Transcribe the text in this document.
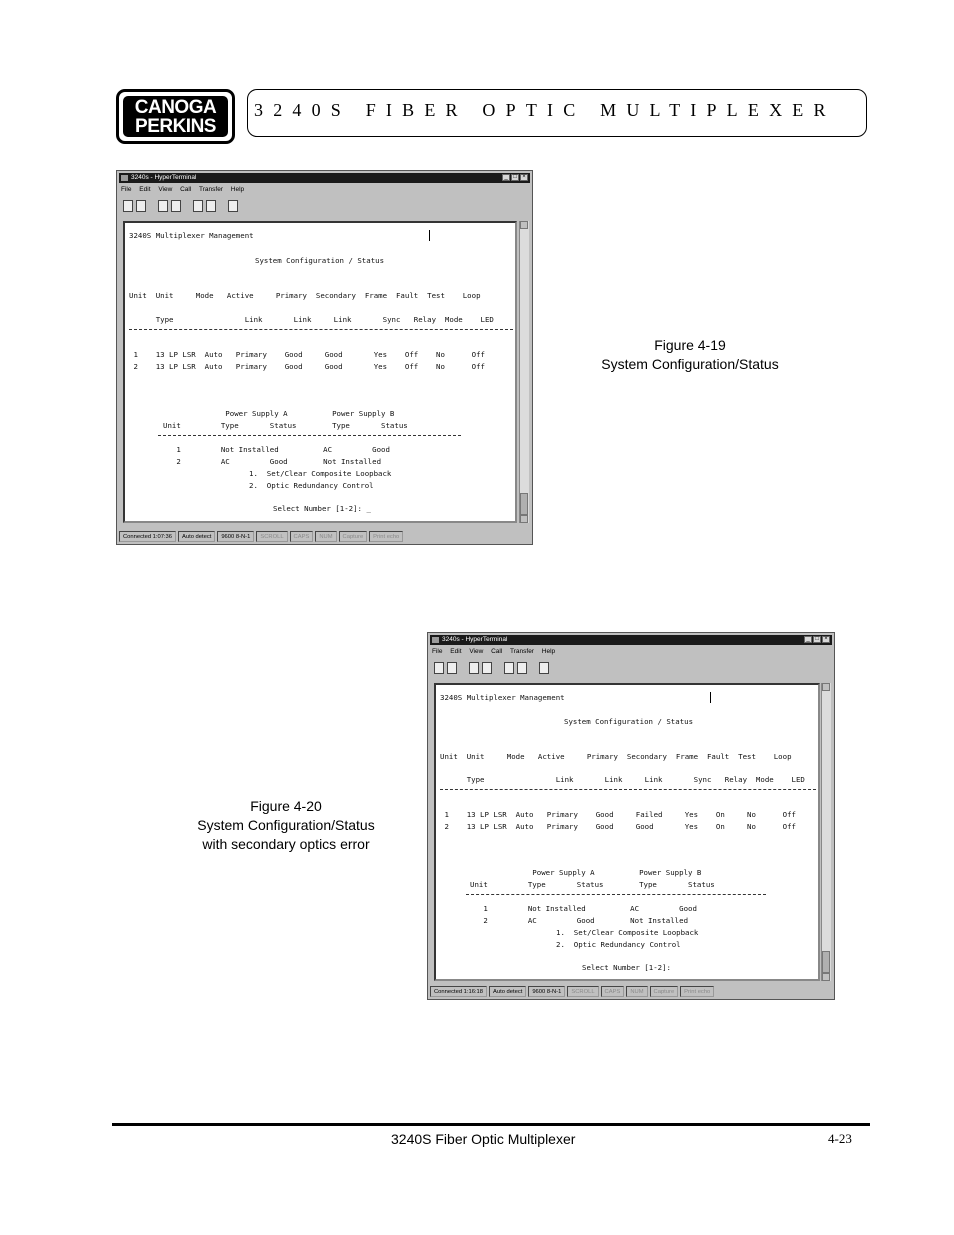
CANOGA
PERKINS
3240S FIBER OPTIC MULTIPLEXER
3240s - HyperTerminal	_ □ ×
File Edit View Call Transfer Help
3240S Multiplexer Management
System Configuration / Status
Unit  Unit     Mode   Active     Primary  Secondary  Frame  Fault  Test    Loop
Type                Link       Link     Link       Sync   Relay  Mode    LED
1    13 LP LSR  Auto   Primary    Good     Good       Yes    Off    No      Off
2    13 LP LSR  Auto   Primary    Good     Good       Yes    Off    No      Off
Power Supply A          Power Supply B
Unit         Type       Status        Type       Status
1         Not Installed          AC         Good
2         AC         Good        Not Installed
1.  Set/Clear Composite Loopback
2.  Optic Redundancy Control
Select Number [1-2]: _
Connected 1:07:36	Auto detect	9600 8-N-1	SCROLL	CAPS	NUM	Capture	Print echo
Figure 4-19
System Configuration/Status
3240s - HyperTerminal	_ □ ×
File Edit View Call Transfer Help
3240S Multiplexer Management
System Configuration / Status
Unit  Unit     Mode   Active     Primary  Secondary  Frame  Fault  Test    Loop
Type                Link       Link     Link       Sync   Relay  Mode    LED
1    13 LP LSR  Auto   Primary    Good     Failed     Yes    On     No      Off
2    13 LP LSR  Auto   Primary    Good     Good       Yes    On     No      Off
Power Supply A          Power Supply B
Unit         Type       Status        Type       Status
1         Not Installed          AC         Good
2         AC         Good        Not Installed
1.  Set/Clear Composite Loopback
2.  Optic Redundancy Control
Select Number [1-2]:
Connected 1:16:18	Auto detect	9600 8-N-1	SCROLL	CAPS	NUM	Capture	Print echo
Figure 4-20
System Configuration/Status
with secondary optics error
3240S Fiber Optic Multiplexer	4-23
